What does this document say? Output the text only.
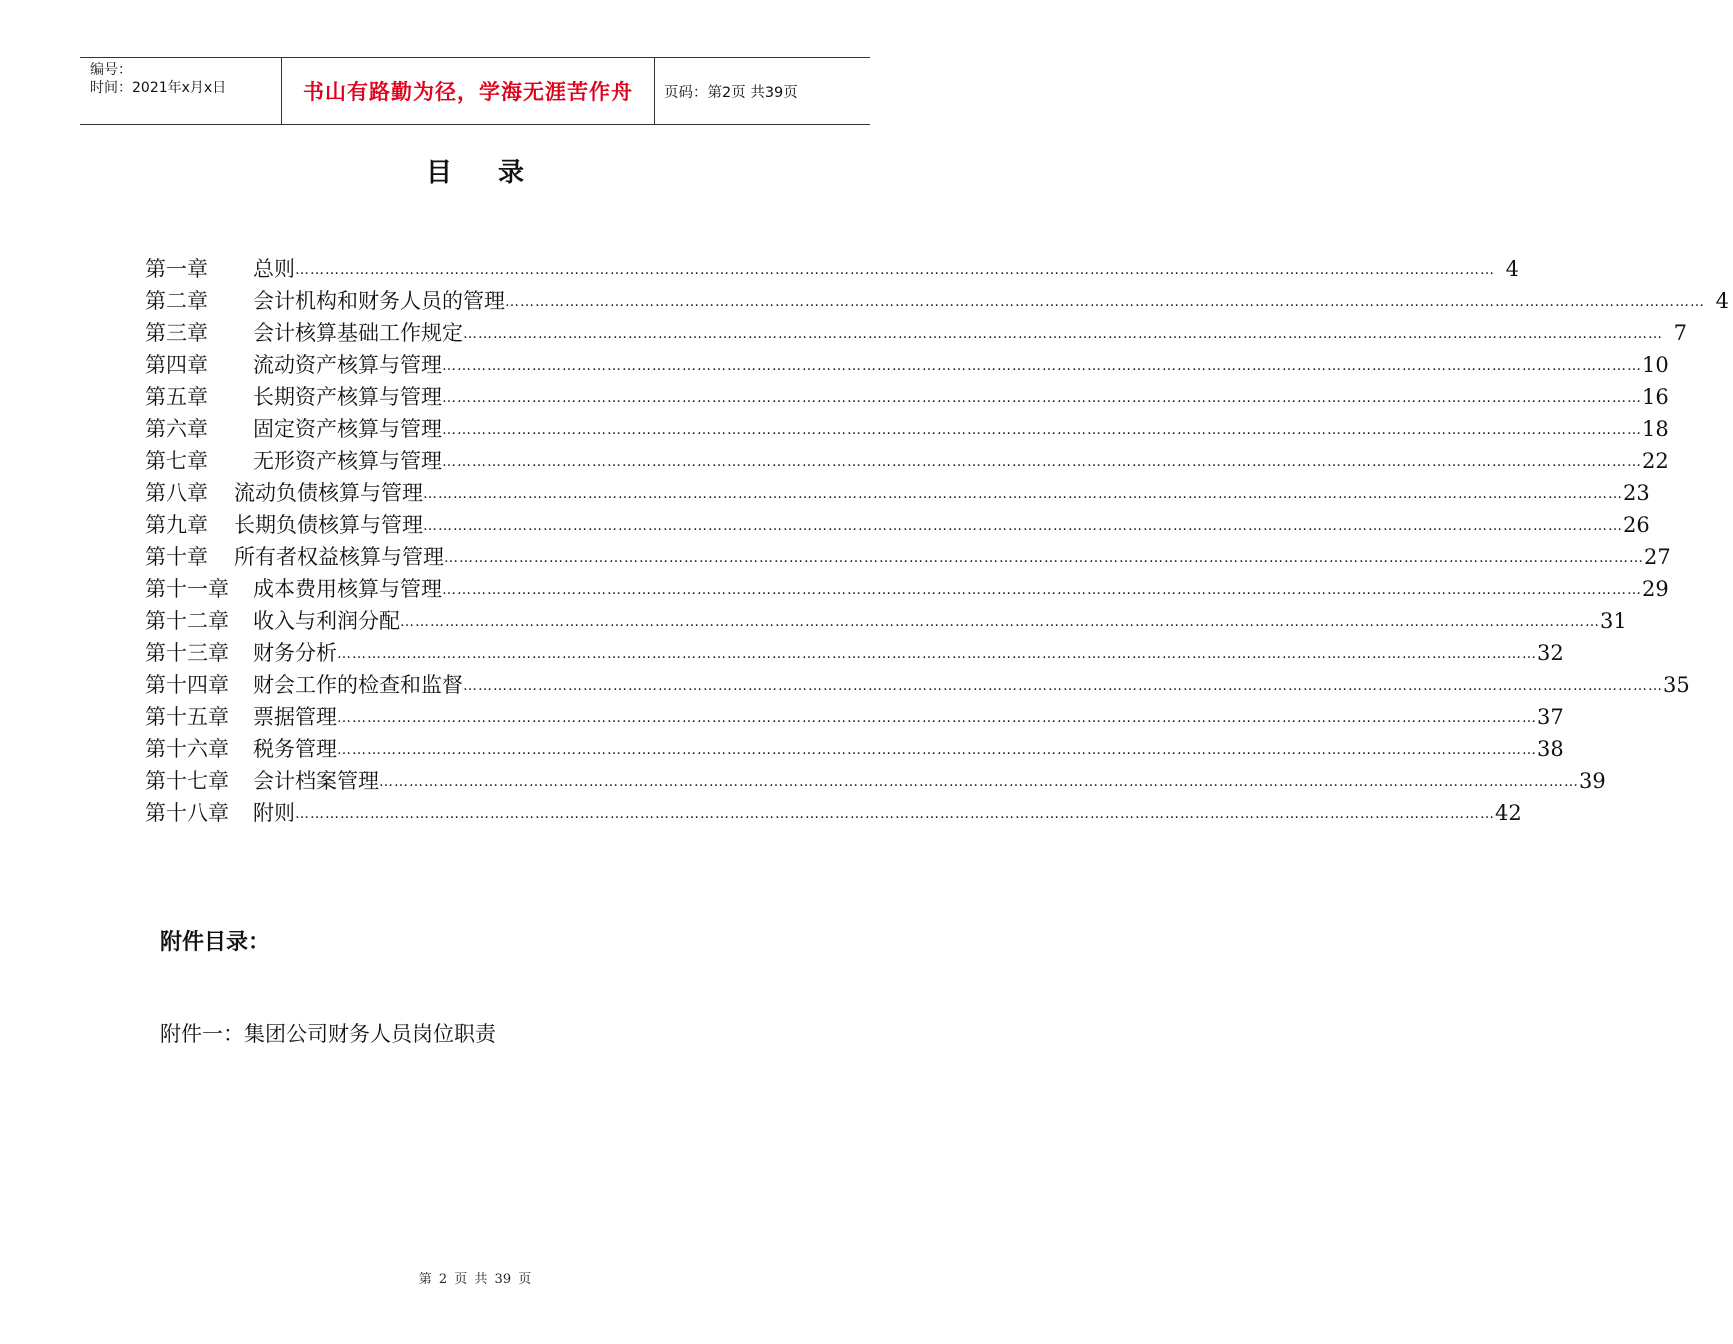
编号：
时间：2021年x月x日	书山有路勤为径，学海无涯苦作舟	页码：第2页 共39页
目录
第一章	总则 …………………………………………………………………………………………………………………………………………………………………………………………………………………… 4
第二章	会计机构和财务人员的管理 …………………………………………………………………………………………………………………………………………………………………………………………………………………… 4
第三章	会计核算基础工作规定 …………………………………………………………………………………………………………………………………………………………………………………………………………………… 7
第四章	流动资产核算与管理 …………………………………………………………………………………………………………………………………………………………………………………………………………………… 10
第五章	长期资产核算与管理 …………………………………………………………………………………………………………………………………………………………………………………………………………………… 16
第六章	固定资产核算与管理 …………………………………………………………………………………………………………………………………………………………………………………………………………………… 18
第七章	无形资产核算与管理 …………………………………………………………………………………………………………………………………………………………………………………………………………………… 22
第八章	流动负债核算与管理 …………………………………………………………………………………………………………………………………………………………………………………………………………………… 23
第九章	长期负债核算与管理 …………………………………………………………………………………………………………………………………………………………………………………………………………………… 26
第十章	所有者权益核算与管理 …………………………………………………………………………………………………………………………………………………………………………………………………………………… 27
第十一章	成本费用核算与管理 …………………………………………………………………………………………………………………………………………………………………………………………………………………… 29
第十二章	收入与利润分配 …………………………………………………………………………………………………………………………………………………………………………………………………………………… 31
第十三章	财务分析 …………………………………………………………………………………………………………………………………………………………………………………………………………………… 32
第十四章	财会工作的检查和监督 …………………………………………………………………………………………………………………………………………………………………………………………………………………… 35
第十五章	票据管理 …………………………………………………………………………………………………………………………………………………………………………………………………………………… 37
第十六章	税务管理 …………………………………………………………………………………………………………………………………………………………………………………………………………………… 38
第十七章	会计档案管理 …………………………………………………………………………………………………………………………………………………………………………………………………………………… 39
第十八章	附则 …………………………………………………………………………………………………………………………………………………………………………………………………………………… 42
附件目录：
附件一：集团公司财务人员岗位职责
第 2 页 共 39 页
